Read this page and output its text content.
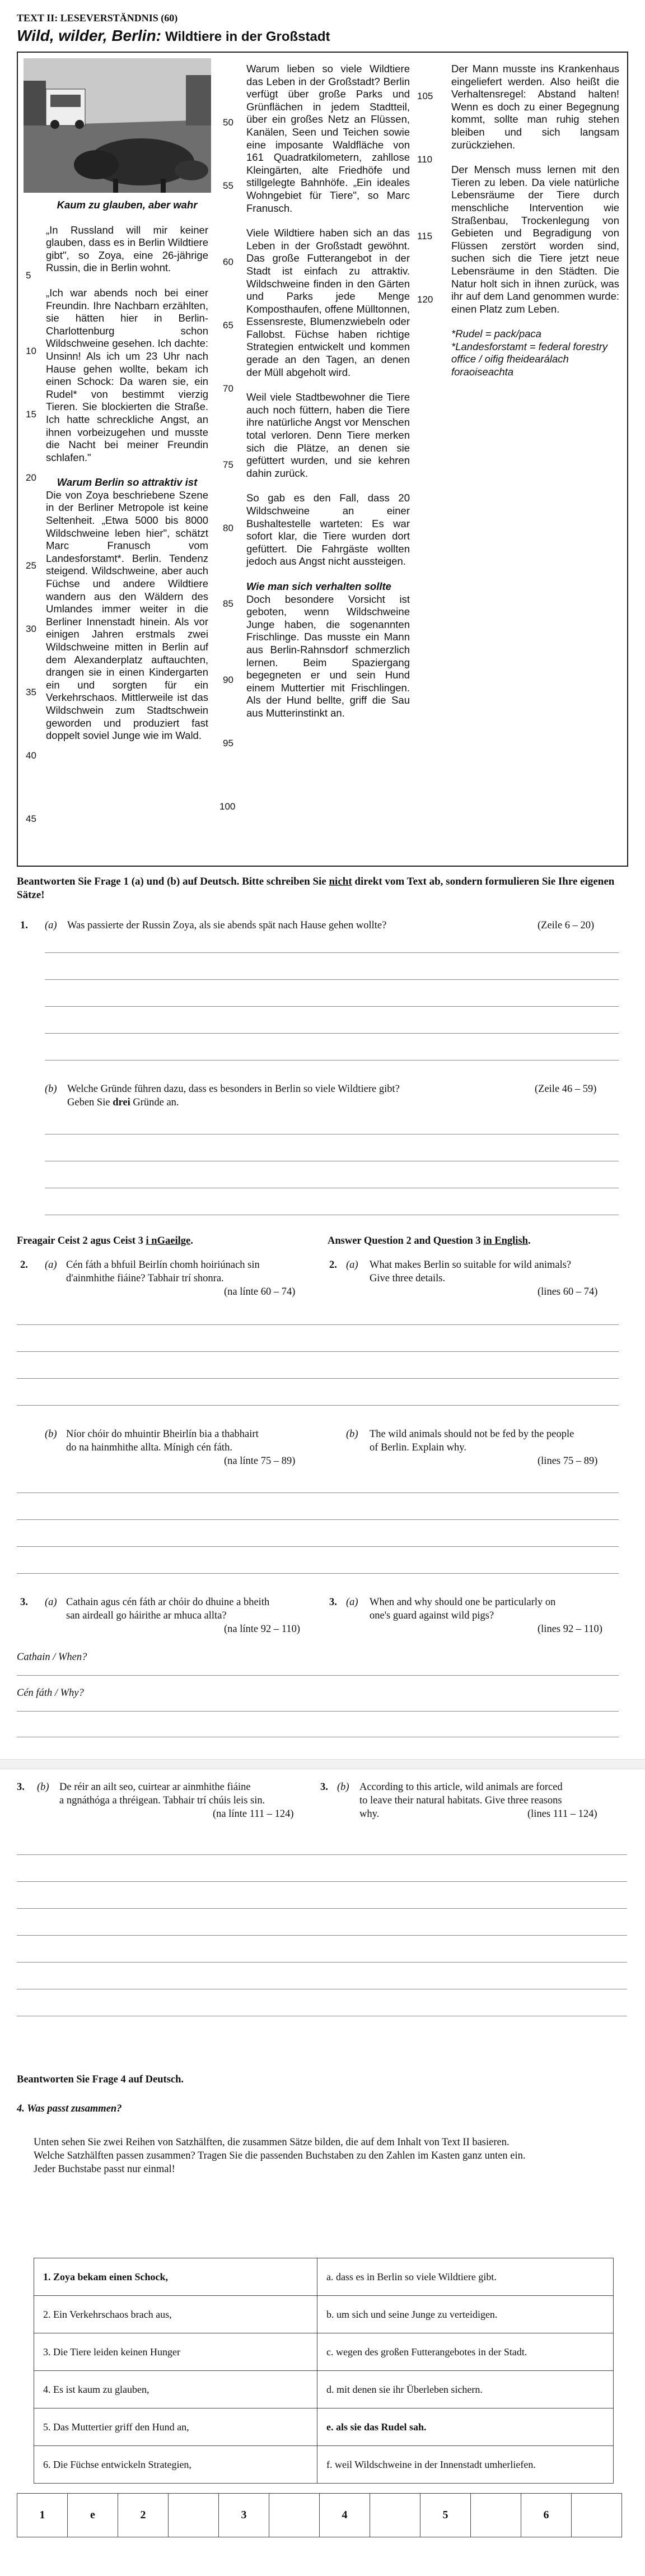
TEXT II: LESEVERSTÄNDNIS (60)
Wild, wilder, Berlin: Wildtiere in der Großstadt
5
10
15
20
25
30
35
40
45
50
55
60
65
70
75
80
85
90
95
100
105
110
115
120

Kaum zu glauben, aber wahr

„In Russland will mir keiner glauben, dass es in Berlin Wildtiere gibt", so Zoya, eine 26-jährige Russin, die in Berlin wohnt.

„Ich war abends noch bei einer Freundin. Ihre Nachbarn erzählten, sie hätten hier in Berlin-Charlottenburg schon Wildschweine gesehen. Ich dachte: Unsinn! Als ich um 23 Uhr nach Hause gehen wollte, bekam ich einen Schock: Da waren sie, ein Rudel* von bestimmt vierzig Tieren. Sie blockierten die Straße. Ich hatte schreckliche Angst, an ihnen vorbeizugehen und musste die Nacht bei meiner Freundin schlafen."

Warum Berlin so attraktiv ist

Die von Zoya beschriebene Szene in der Berliner Metropole ist keine Seltenheit. „Etwa 5000 bis 8000 Wildschweine leben hier", schätzt Marc Franusch vom Landesforstamt*. Berlin. Tendenz steigend. Wildschweine, aber auch Füchse und andere Wildtiere wandern aus den Wäldern des Umlandes immer weiter in die Berliner Innenstadt hinein. Als vor einigen Jahren erstmals zwei Wildschweine mitten in Berlin auf dem Alexanderplatz auftauchten, drangen sie in einen Kindergarten ein und sorgten für ein Verkehrschaos. Mittlerweile ist das Wildschwein zum Stadtschwein geworden und produziert fast doppelt soviel Junge wie im Wald.

Warum lieben so viele Wildtiere das Leben in der Großstadt? Berlin verfügt über große Parks und Grünflächen in jedem Stadtteil, über ein großes Netz an Flüssen, Kanälen, Seen und Teichen sowie eine imposante Waldfläche von 161 Quadratkilometern, zahllose Kleingärten, alte Friedhöfe und stillgelegte Bahnhöfe. „Ein ideales Wohngebiet für Tiere", so Marc Franusch.

Viele Wildtiere haben sich an das Leben in der Großstadt gewöhnt. Das große Futterangebot in der Stadt ist einfach zu attraktiv. Wildschweine finden in den Gärten und Parks jede Menge Komposthaufen, offene Mülltonnen, Essensreste, Blumenzwiebeln oder Fallobst. Füchse haben richtige Strategien entwickelt und kommen gerade an den Tagen, an denen der Müll abgeholt wird.

Weil viele Stadtbewohner die Tiere auch noch füttern, haben die Tiere ihre natürliche Angst vor Menschen total verloren. Denn Tiere merken sich die Plätze, an denen sie gefüttert wurden, und sie kehren dahin zurück.

So gab es den Fall, dass 20 Wildschweine an einer Bushaltestelle warteten: Es war sofort klar, die Tiere wurden dort gefüttert. Die Fahrgäste wollten jedoch aus Angst nicht aussteigen.

Wie man sich verhalten sollte

Doch besondere Vorsicht ist geboten, wenn Wildschweine Junge haben, die sogenannten Frischlinge. Das musste ein Mann aus Berlin-Rahnsdorf schmerzlich lernen. Beim Spaziergang begegneten er und sein Hund einem Muttertier mit Frischlingen. Als der Hund bellte, griff die Sau aus Mutterinstinkt an.

Der Mann musste ins Krankenhaus eingeliefert werden. Also heißt die Verhaltensregel: Abstand halten! Wenn es doch zu einer Begegnung kommt, sollte man ruhig stehen bleiben und sich langsam zurückziehen.

Der Mensch muss lernen mit den Tieren zu leben. Da viele natürliche Lebensräume der Tiere durch menschliche Intervention wie Straßenbau, Trockenlegung von Gebieten und Begradigung von Flüssen zerstört worden sind, suchen sich die Tiere jetzt neue Lebensräume in den Städten. Die Natur holt sich in ihnen zurück, was ihr auf dem Land genommen wurde: einen Platz zum Leben.

*Rudel = pack/paca

*Landesforstamt = federal forestry office / oifig fheidearálach foraoiseachta

Beantworten Sie Frage 1 (a) und (b) auf Deutsch. Bitte schreiben Sie nicht direkt vom Text ab, sondern formulieren Sie Ihre eigenen Sätze!
1. (a) Was passierte der Russin Zoya, als sie abends spät nach Hause gehen wollte?	(Zeile 6 – 20)
(b) Welche Gründe führen dazu, dass es besonders in Berlin so viele Wildtiere gibt?
Geben Sie drei Gründe an.
(Zeile 46 – 59)
Freagair Ceist 2 agus Ceist 3 i nGaeilge.	Answer Question 2 and Question 3 in English.
2. (a) Cén fáth a bhfuil Beirlín chomh hoiriúnach sin
d'ainmhithe fiáine? Tabhair trí shonra.
(na línte 60 – 74)
2. (a) What makes Berlin so suitable for wild animals?
Give three details.
(lines 60 – 74)
(b) Níor chóir do mhuintir Bheirlín bia a thabhairt
do na hainmhithe allta. Mínigh cén fáth.
(na línte 75 – 89)
(b) The wild animals should not be fed by the people
of Berlin. Explain why.
(lines 75 – 89)
3. (a) Cathain agus cén fáth ar chóir do dhuine a bheith
san airdeall go háirithe ar mhuca allta?
(na línte 92 – 110)
3. (a) When and why should one be particularly on
one's guard against wild pigs?
(lines 92 – 110)
Cathain / When?
Cén fáth / Why?
3. (b) De réir an ailt seo, cuirtear ar ainmhithe fiáine
a ngnáthóga a thréigean. Tabhair trí chúis leis sin.
(na línte 111 – 124)
3. (b) According to this article, wild animals are forced
to leave their natural habitats. Give three reasons
why.	(lines 111 – 124)
Beantworten Sie Frage 4 auf Deutsch.
4. Was passt zusammen?
Unten sehen Sie zwei Reihen von Satzhälften, die zusammen Sätze bilden, die auf dem Inhalt von Text II basieren.
Welche Satzhälften passen zusammen? Tragen Sie die passenden Buchstaben zu den Zahlen im Kasten ganz unten ein.
Jeder Buchstabe passt nur einmal!
1. Zoya bekam einen Schock,	a. dass es in Berlin so viele Wildtiere gibt.
2. Ein Verkehrschaos brach aus,	b. um sich und seine Junge zu verteidigen.
3. Die Tiere leiden keinen Hunger	c. wegen des großen Futterangebotes in der Stadt.
4. Es ist kaum zu glauben,	d. mit denen sie ihr Überleben sichern.
5. Das Muttertier griff den Hund an,	e. als sie das Rudel sah.
6. Die Füchse entwickeln Strategien,	f. weil Wildschweine in der Innenstadt umherliefen.
1	e	2		3		4		5		6	
